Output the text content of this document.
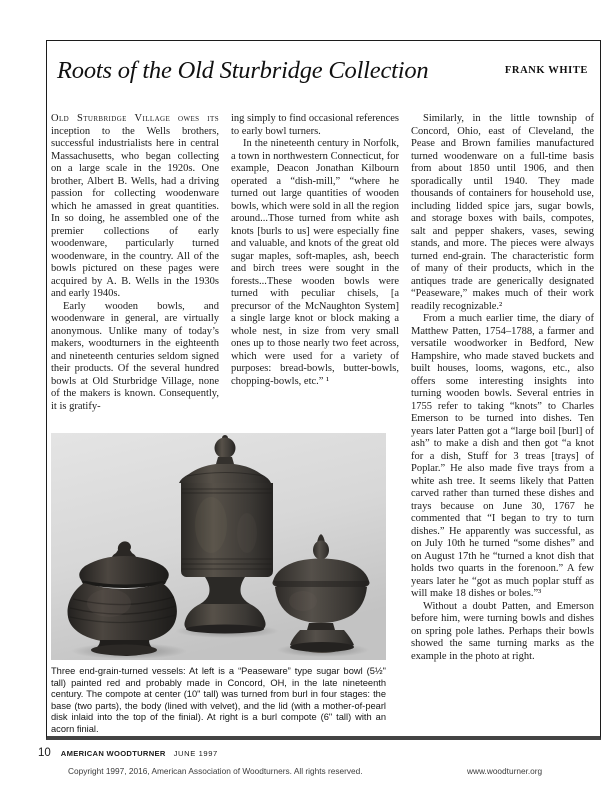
Roots of the Old Sturbridge Collection	FRANK WHITE

Old Sturbridge Village owes its inception to the Wells brothers, successful industrialists here in central Massachusetts, who began collecting on a large scale in the 1920s. One brother, Albert B. Wells, had a driving passion for collecting woodenware which he amassed in great quantities. In so doing, he assembled one of the premier collections of early woodenware, particularly turned woodenware, in the country. All of the bowls pictured on these pages were acquired by A. B. Wells in the 1930s and early 1940s.

Early wooden bowls, and woodenware in general, are virtually anonymous. Unlike many of today’s makers, woodturners in the eighteenth and nineteenth centuries seldom signed their products. Of the several hundred bowls at Old Sturbridge Village, none of the makers is known. Consequently, it is gratify-

ing simply to find occasional references to early bowl turners.

In the nineteenth century in Norfolk, a town in northwestern Connecticut, for example, Deacon Jonathan Kilbourn operated a “dish-mill,” “where he turned out large quantities of wooden bowls, which were sold in all the region around...Those turned from white ash knots [burls to us] were especially fine and valuable, and knots of the great old sugar maples, soft-maples, ash, beech and birch trees were sought in the forests...These wooden bowls were turned with peculiar chisels, [a precursor of the McNaughton System] a single large knot or block making a whole nest, in size from very small ones up to those nearly two feet across, which were used for a variety of purposes: bread-bowls, butter-bowls, chopping-bowls, etc.” ¹

Three end-grain-turned vessels: At left is a “Peaseware” type sugar bowl (5½" tall) painted red and probably made in Concord, OH, in the late nineteenth century. The compote at center (10" tall) was turned from burl in four stages: the base (two parts), the body (lined with velvet), and the lid (with a mother-of-pearl disk inlaid into the top of the finial). At right is a burl compote (6" tall) with an acorn finial.

Similarly, in the little township of Concord, Ohio, east of Cleveland, the Pease and Brown families manufactured turned woodenware on a full-time basis from about 1850 until 1906, and then sporadically until 1940. They made thousands of containers for household use, including lidded spice jars, sugar bowls, and storage boxes with bails, compotes, salt and pepper shakers, vases, sewing stands, and more. The pieces were always turned end-grain. The characteristic form of many of their products, which in the antiques trade are generically designated “Peaseware,” makes much of their work readily recognizable.²

From a much earlier time, the diary of Matthew Patten, 1754–1788, a farmer and versatile woodworker in Bedford, New Hampshire, who made staved buckets and built houses, looms, wagons, etc., also offers some interesting insights into turning wooden bowls. Several entries in 1755 refer to taking “knots” to Charles Emerson to be turned into dishes. Ten years later Patten got a “large boil [burl] of ash” to make a dish and then got “a knot for a dish, Stuff for 3 treas [trays] of Poplar.” He also made five trays from a white ash tree. It seems likely that Patten carved rather than turned these dishes and trays because on June 30, 1767 he commented that “I began to try to turn dishes.” He apparently was successful, as on July 10th he turned “some dishes” and on August 17th he “turned a knot dish that holds two quarts in the forenoon.” A few years later he “got as much poplar stuff as will make 18 dishes or boles.”³

Without a doubt Patten, and Emerson before him, were turning bowls and dishes on spring pole lathes. Perhaps their bowls showed the same turning marks as the example in the photo at right.

10 AMERICAN WOODTURNER JUNE 1997
Copyright 1997, 2016, American Association of Woodturners. All rights reserved.	www.woodturner.org
